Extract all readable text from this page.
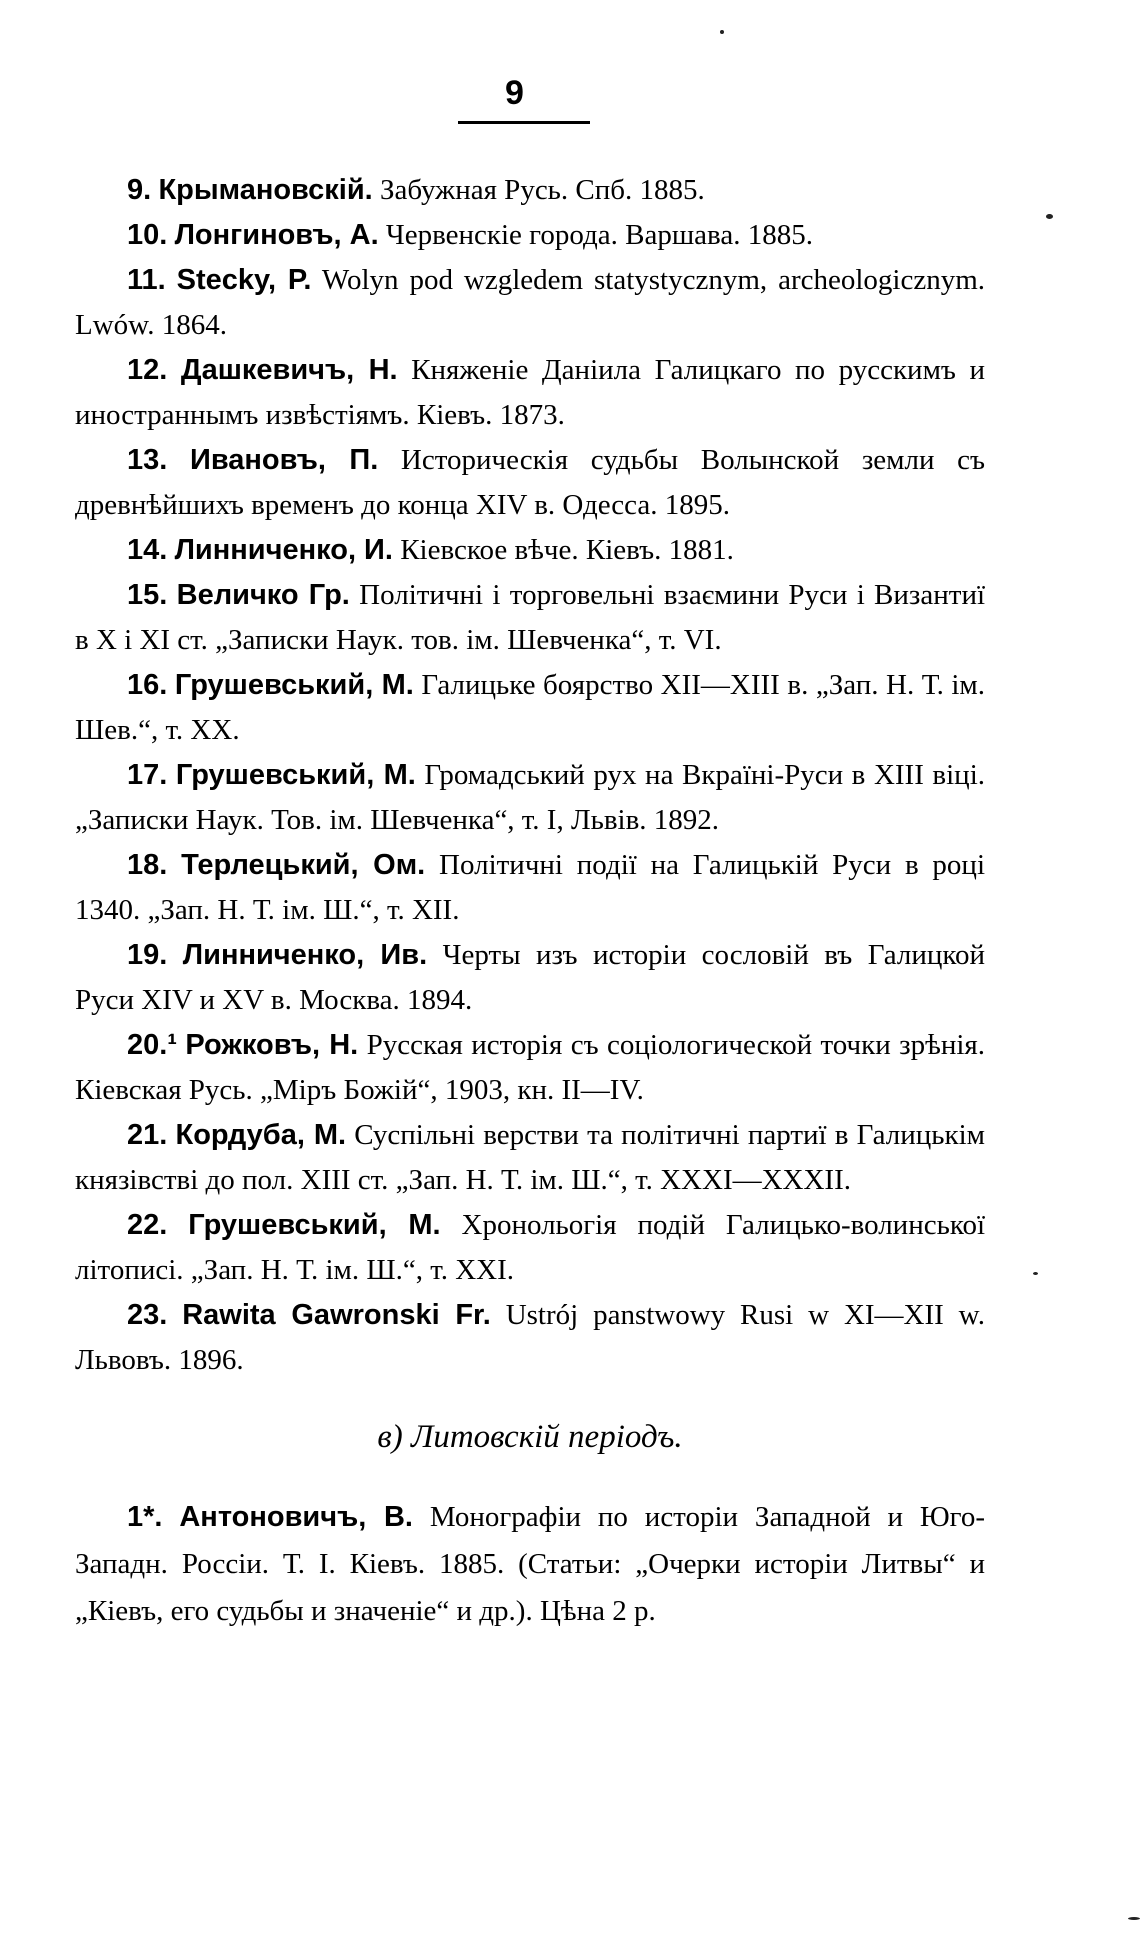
9
9. Крымановскій. Забужная Русь. Спб. 1885.
10. Лонгиновъ, А. Червенскіе города. Варшава. 1885.
11. Stecky, P. Wolyn pod wzgledem statystycznym, archeologicznym. Lwów. 1864.
12. Дашкевичъ, Н. Княженіе Даніила Галицкаго по русскимъ и иностраннымъ извѣстіямъ. Кіевъ. 1873.
13. Ивановъ, П. Историческія судьбы Волынской земли съ древнѣйшихъ временъ до конца XIV в. Одесса. 1895.
14. Линниченко, И. Кіевское вѣче. Кіевъ. 1881.
15. Величко Гр. Політичні і торговельні взаємини Руси і Византиї в X і XI ст. „Записки Наук. тов. ім. Шевченка“, т. VI.
16. Грушевський, М. Галицьке боярство XII—XIII в. „Зап. Н. Т. ім. Шев.“, т. XX.
17. Грушевський, М. Громадський рух на Вкраїні-Руси в XIII віці. „Записки Наук. Тов. ім. Шевченка“, т. I, Львів. 1892.
18. Терлецький, Ом. Політичні події на Галицькій Руси в році 1340. „Зап. Н. Т. ім. Ш.“, т. XII.
19. Линниченко, Ив. Черты изъ исторіи сословій въ Галицкой Руси XIV и XV в. Москва. 1894.
20.¹ Рожковъ, Н. Русская исторія съ соціологической точки зрѣнія. Кіевская Русь. „Міръ Божій“, 1903, кн. II—IV.
21. Кордуба, М. Суспільні верстви та політичні партиї в Галицькім князівстві до пол. XIII ст. „Зап. Н. Т. ім. Ш.“, т. XXXI—XXXII.
22. Грушевський, М. Хронольогія подій Галицько-волинської літописі. „Зап. Н. Т. ім. Ш.“, т. XXI.
23. Rawita Gawronski Fr. Ustrój panstwowy Rusi w XI—XII w. Львовъ. 1896.
в) Литовскій періодъ.
1*. Антоновичъ, В. Монографіи по исторіи Западной и Юго-Западн. Россіи. Т. I. Кіевъ. 1885. (Статьи: „Очерки исторіи Литвы“ и „Кіевъ, его судьбы и значеніе“ и др.). Цѣна 2 р.
